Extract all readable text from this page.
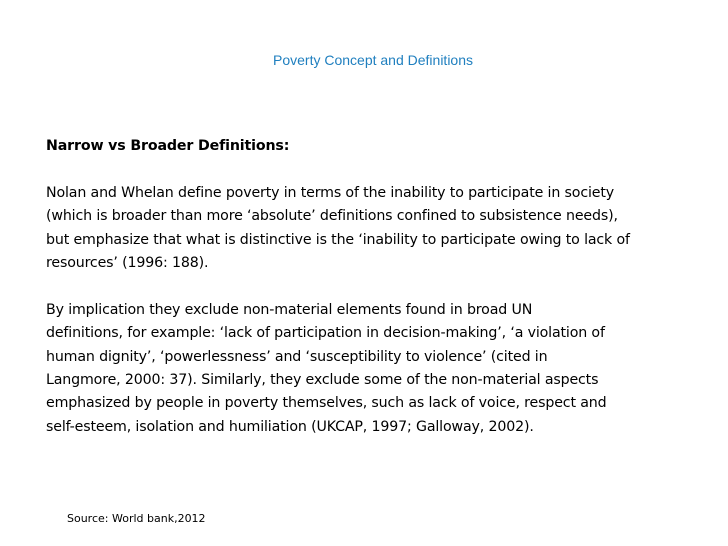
Poverty Concept and Definitions
Narrow vs Broader Definitions:
Nolan and Whelan define poverty in terms of the inability to participate in society
(which is broader than more ‘absolute’ definitions confined to subsistence needs),
but emphasize that what is distinctive is the ‘inability to participate owing to lack of
resources’ (1996: 188).
By implication they exclude non-material elements found in broad UN
definitions, for example: ‘lack of participation in decision-making’, ‘a violation of
human dignity’, ‘powerlessness’ and ‘susceptibility to violence’ (cited in
Langmore, 2000: 37). Similarly, they exclude some of the non-material aspects
emphasized by people in poverty themselves, such as lack of voice, respect and
self-esteem, isolation and humiliation (UKCAP, 1997; Galloway, 2002).
Source: World bank,2012
